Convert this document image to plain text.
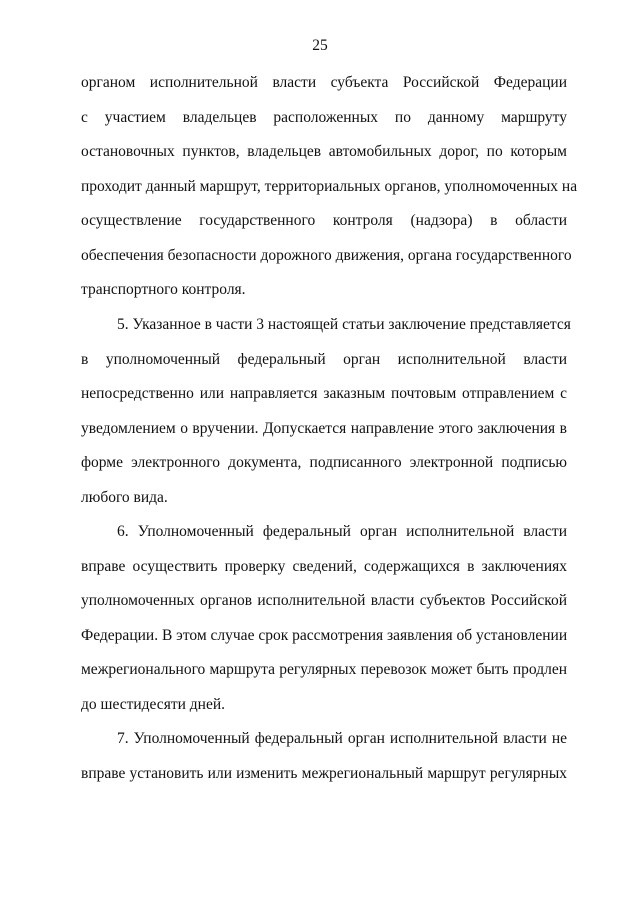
25
органом исполнительной власти субъекта Российской Федерации
с участием владельцев расположенных по данному маршруту
остановочных пунктов, владельцев автомобильных дорог, по которым
проходит данный маршрут, территориальных органов, уполномоченных на
осуществление государственного контроля (надзора) в области
обеспечения безопасности дорожного движения, органа государственного
транспортного контроля.
5. Указанное в части 3 настоящей статьи заключение представляется
в уполномоченный федеральный орган исполнительной власти
непосредственно или направляется заказным почтовым отправлением с
уведомлением о вручении. Допускается направление этого заключения в
форме электронного документа, подписанного электронной подписью
любого вида.
6. Уполномоченный федеральный орган исполнительной власти
вправе осуществить проверку сведений, содержащихся в заключениях
уполномоченных органов исполнительной власти субъектов Российской
Федерации. В этом случае срок рассмотрения заявления об установлении
межрегионального маршрута регулярных перевозок может быть продлен
до шестидесяти дней.
7. Уполномоченный федеральный орган исполнительной власти не
вправе установить или изменить межрегиональный маршрут регулярных
